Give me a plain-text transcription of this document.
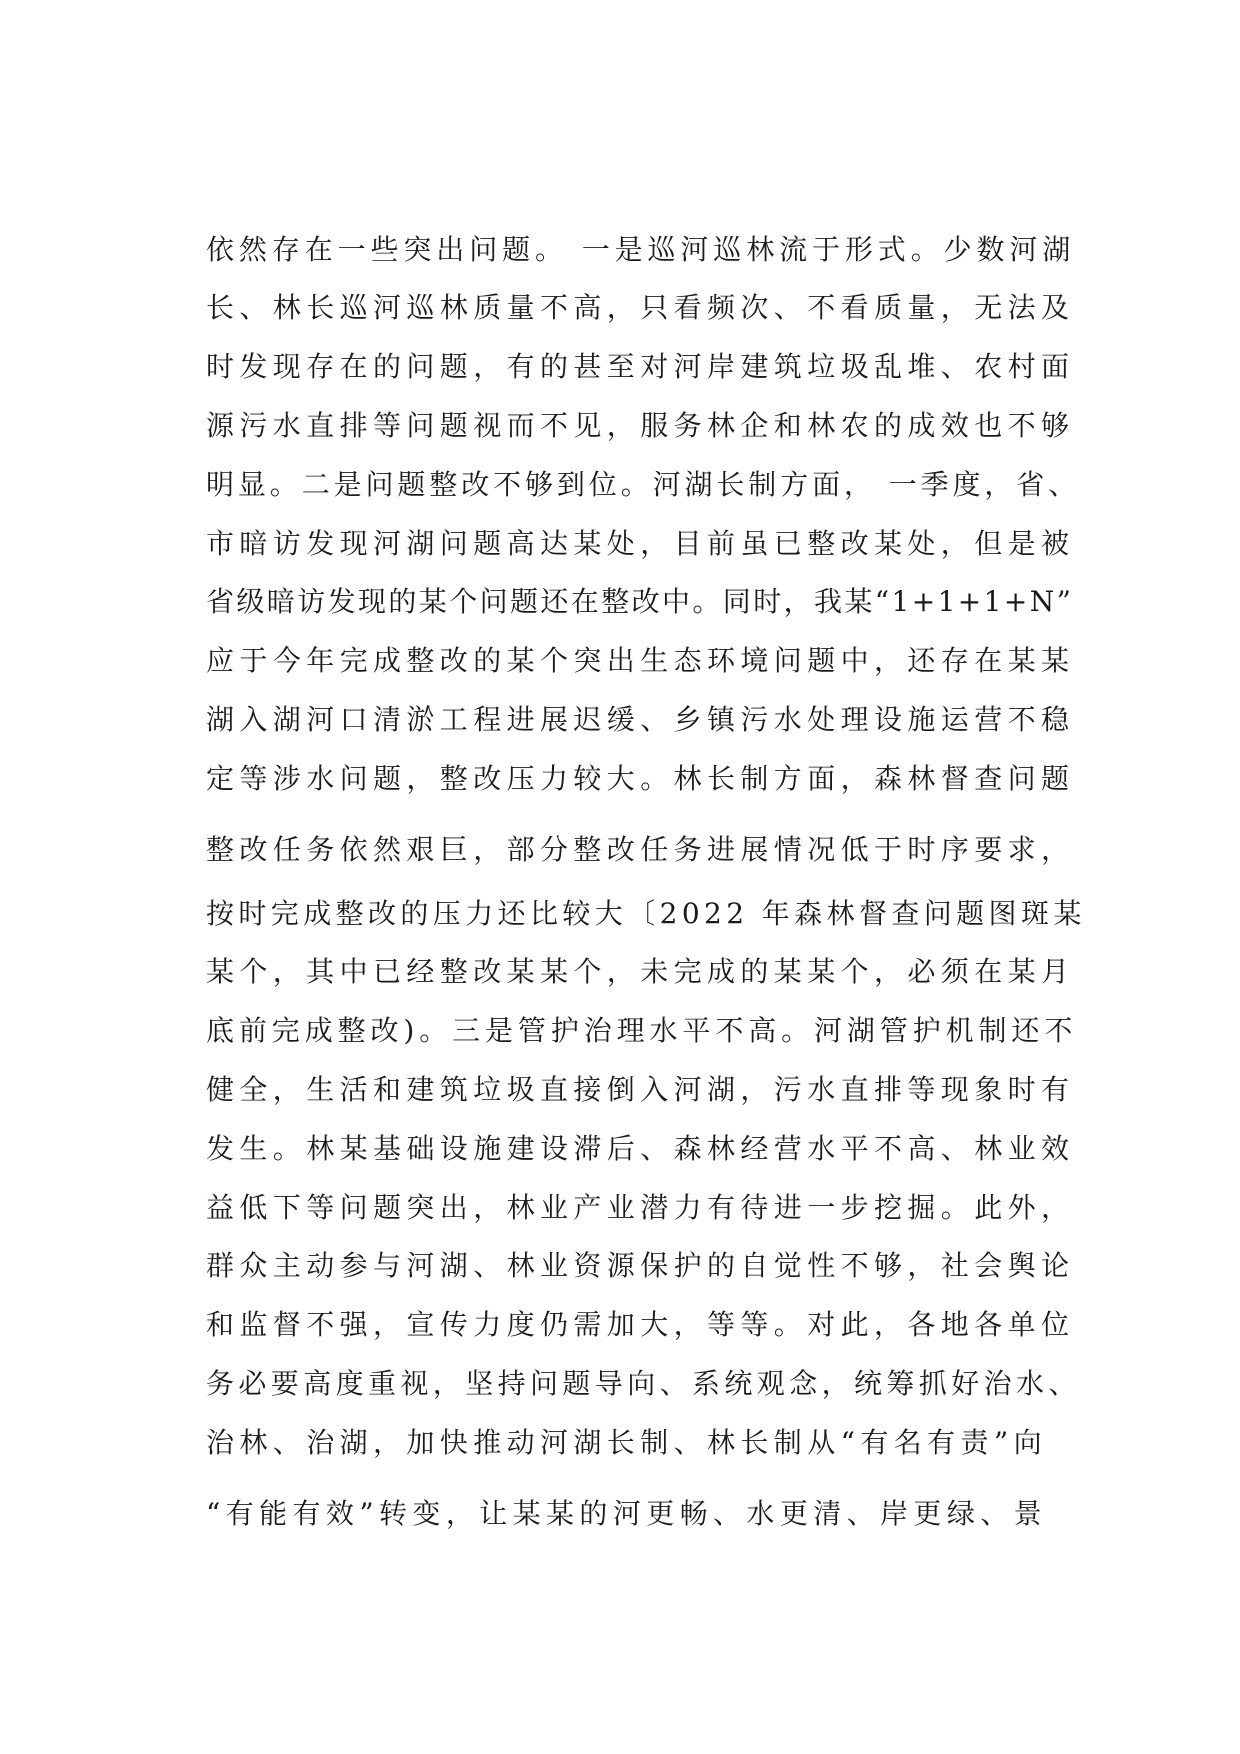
依然存在一些突出问题。 一是巡河巡林流于形式。少数河湖
长、林长巡河巡林质量不高，只看频次、不看质量，无法及
时发现存在的问题，有的甚至对河岸建筑垃圾乱堆、农村面
源污水直排等问题视而不见，服务林企和林农的成效也不够
明显。二是问题整改不够到位。河湖长制方面， 一季度，省、
市暗访发现河湖问题高达某处，目前虽已整改某处，但是被
省级暗访发现的某个问题还在整改中。同时，我某“1+1+1+N”
应于今年完成整改的某个突出生态环境问题中，还存在某某
湖入湖河口清淤工程进展迟缓、乡镇污水处理设施运营不稳
定等涉水问题，整改压力较大。林长制方面，森林督查问题
整改任务依然艰巨，部分整改任务进展情况低于时序要求，
按时完成整改的压力还比较大〔2022 年森林督查问题图斑某
某个，其中已经整改某某个，未完成的某某个，必须在某月
底前完成整改)。三是管护治理水平不高。河湖管护机制还不
健全，生活和建筑垃圾直接倒入河湖，污水直排等现象时有
发生。林某基础设施建设滞后、森林经营水平不高、林业效
益低下等问题突出，林业产业潜力有待进一步挖掘。此外，
群众主动参与河湖、林业资源保护的自觉性不够，社会舆论
和监督不强，宣传力度仍需加大，等等。对此，各地各单位
务必要高度重视，坚持问题导向、系统观念，统筹抓好治水、
治林、治湖，加快推动河湖长制、林长制从“有名有责”向
“有能有效”转变，让某某的河更畅、水更清、岸更绿、景
